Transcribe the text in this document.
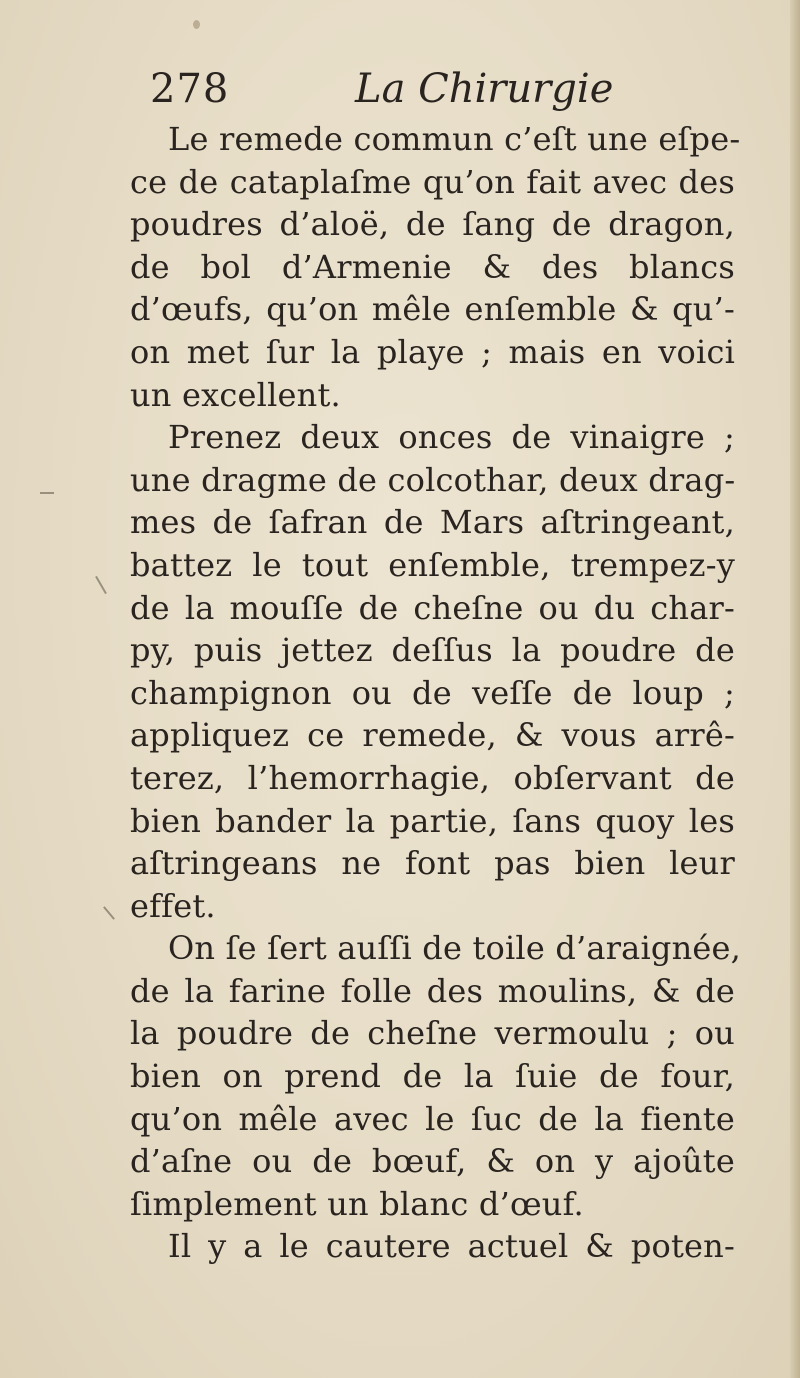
278	La Chirurgie
Le remede commun c’eſt une eſpe-
ce de cataplaſme qu’on fait avec des
poudres d’aloë, de ſang de dragon,
de bol d’Armenie & des blancs
d’œufs, qu’on mêle enſemble & qu’-
on met ſur la playe ; mais en voici
un excellent.
Prenez deux onces de vinaigre ;
une dragme de colcothar, deux drag-
mes de ſafran de Mars aſtringeant,
battez le tout enſemble, trempez-y
de la mouſſe de cheſne ou du char-
py, puis jettez deſſus la poudre de
champignon ou de veſſe de loup ;
appliquez ce remede, & vous arrê-
terez, l’hemorrhagie, obſervant de
bien bander la partie, ſans quoy les
aſtringeans ne font pas bien leur
effet.
On ſe ſert auſſi de toile d’araignée,
de la farine folle des moulins, & de
la poudre de cheſne vermoulu ; ou
bien on prend de la ſuie de four,
qu’on mêle avec le ſuc de la fiente
d’aſne ou de bœuf, & on y ajoûte
ſimplement un blanc d’œuf.
Il y a le cautere actuel & poten-
